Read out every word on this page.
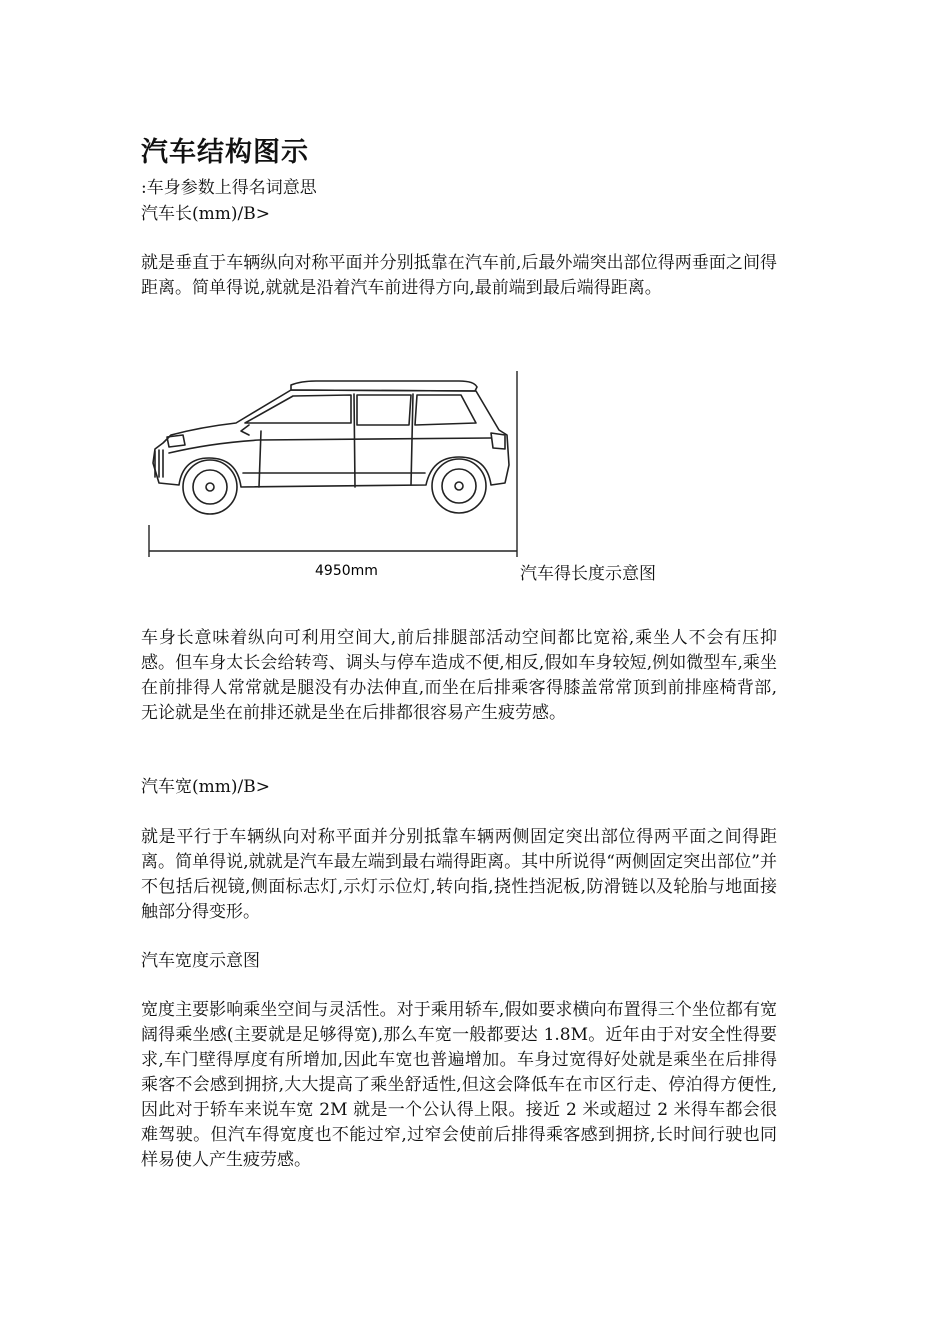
汽车结构图示

:车身参数上得名词意思

汽车长(mm)/B>

就是垂直于车辆纵向对称平面并分别抵靠在汽车前,后最外端突出部位得两垂面之间得距离。简单得说,就就是沿着汽车前进得方向,最前端到最后端得距离。

4950mm	汽车得长度示意图

车身长意味着纵向可利用空间大,前后排腿部活动空间都比宽裕,乘坐人不会有压抑感。但车身太长会给转弯、调头与停车造成不便,相反,假如车身较短,例如微型车,乘坐在前排得人常常就是腿没有办法伸直,而坐在后排乘客得膝盖常常顶到前排座椅背部,无论就是坐在前排还就是坐在后排都很容易产生疲劳感。

汽车宽(mm)/B>

就是平行于车辆纵向对称平面并分别抵靠车辆两侧固定突出部位得两平面之间得距离。简单得说,就就是汽车最左端到最右端得距离。其中所说得“两侧固定突出部位”并不包括后视镜,侧面标志灯,示灯示位灯,转向指,挠性挡泥板,防滑链以及轮胎与地面接触部分得变形。

汽车宽度示意图

宽度主要影响乘坐空间与灵活性。对于乘用轿车,假如要求横向布置得三个坐位都有宽阔得乘坐感(主要就是足够得宽),那么车宽一般都要达 1.8M。近年由于对安全性得要求,车门壁得厚度有所增加,因此车宽也普遍增加。车身过宽得好处就是乘坐在后排得乘客不会感到拥挤,大大提高了乘坐舒适性,但这会降低车在市区行走、停泊得方便性,因此对于轿车来说车宽 2M 就是一个公认得上限。接近 2 米或超过 2 米得车都会很难驾驶。但汽车得宽度也不能过窄,过窄会使前后排得乘客感到拥挤,长时间行驶也同样易使人产生疲劳感。
